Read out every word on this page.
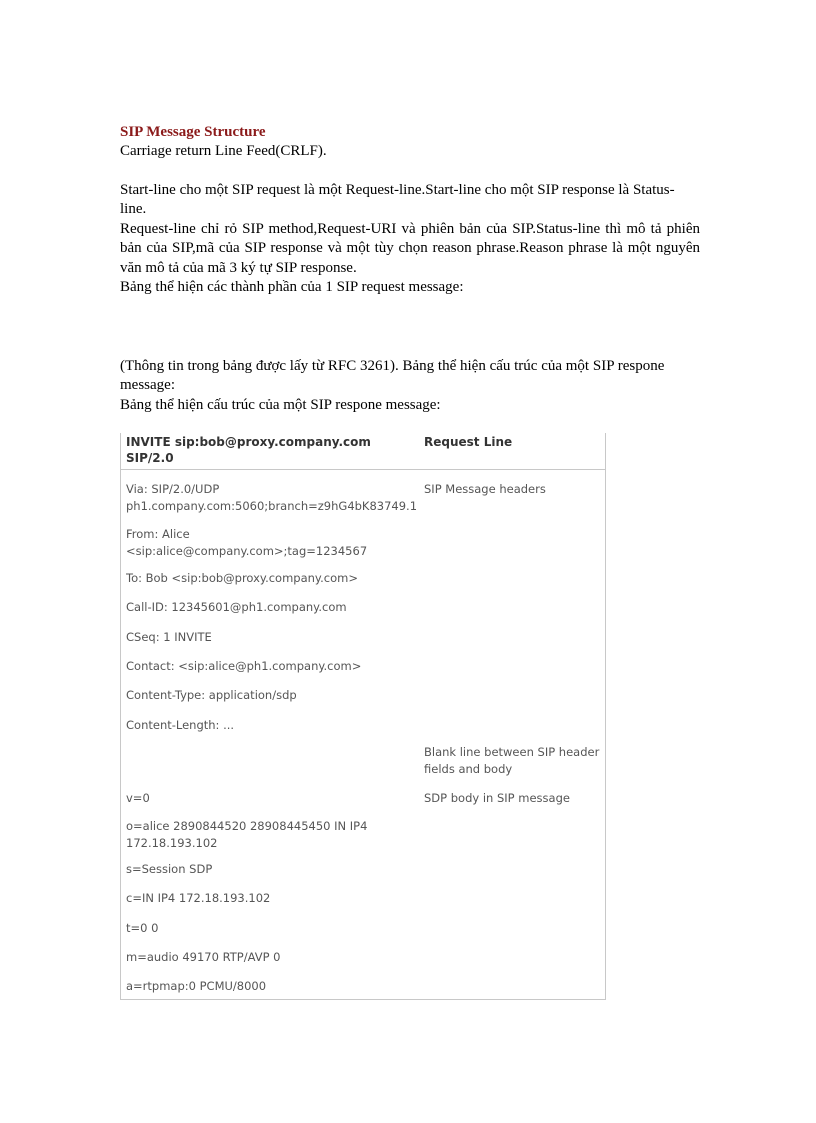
SIP Message Structure

Carriage return Line Feed(CRLF).

Start-line cho một SIP request là một Request-line.Start-line cho một SIP response là Status-line.

Request-line chỉ rỏ SIP method,Request-URI và phiên bản của SIP.Status-line thì mô tả phiên bản của SIP,mã của SIP response và một tùy chọn reason phrase.Reason phrase là một nguyên văn mô tả của mã 3 ký tự SIP response.

Bảng thể hiện các thành phần của 1 SIP request message:

(Thông tin trong bảng được lấy từ RFC 3261). Bảng thể hiện cấu trúc của một SIP respone message:

Bảng thể hiện cấu trúc của một SIP respone message:

INVITE sip:bob@proxy.company.com SIP/2.0
Request Line
Via: SIP/2.0/UDP
ph1.company.com:5060;branch=z9hG4bK83749.1
SIP Message headers
From: Alice
<sip:alice@company.com>;tag=1234567
To: Bob <sip:bob@proxy.company.com>
Call-ID: 12345601@ph1.company.com
CSeq: 1 INVITE
Contact: <sip:alice@ph1.company.com>
Content-Type: application/sdp
Content-Length: ...
Blank line between SIP header fields and body
v=0	SDP body in SIP message
o=alice 2890844520 28908445450 IN IP4
172.18.193.102
s=Session SDP
c=IN IP4 172.18.193.102
t=0 0
m=audio 49170 RTP/AVP 0
a=rtpmap:0 PCMU/8000
